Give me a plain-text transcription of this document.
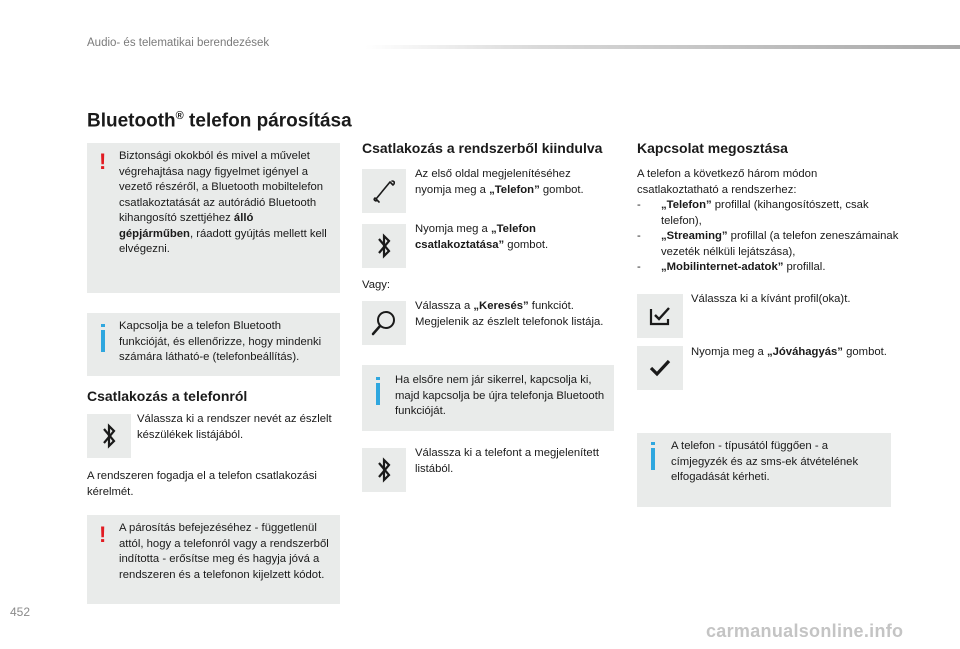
Audio- és telematikai berendezések
Bluetooth® telefon párosítása
! Biztonsági okokból és mivel a művelet végrehajtása nagy figyelmet igényel a vezető részéről, a Bluetooth mobiltelefon csatlakoztatását az autórádió Bluetooth kihangosító szettjéhez álló gépjárműben, ráadott gyújtás mellett kell elvégezni.
Kapcsolja be a telefon Bluetooth funkcióját, és ellenőrizze, hogy mindenki számára látható-e (telefonbeállítás).
Csatlakozás a telefonról
Válassza ki a rendszer nevét az észlelt készülékek listájából.
A rendszeren fogadja el a telefon csatlakozási kérelmét.
! A párosítás befejezéséhez - függetlenül attól, hogy a telefonról vagy a rendszerből indította - erősítse meg és hagyja jóvá a rendszeren és a telefonon kijelzett kódot.
Csatlakozás a rendszerből kiindulva
Az első oldal megjelenítéséhez nyomja meg a „Telefon” gombot.
Nyomja meg a „Telefon csatlakoztatása” gombot.
Vagy:
Válassza a „Keresés” funkciót. Megjelenik az észlelt telefonok listája.
Ha elsőre nem jár sikerrel, kapcsolja ki, majd kapcsolja be újra telefonja Bluetooth funkcióját.
Válassza ki a telefont a megjelenített listából.
Kapcsolat megosztása
A telefon a következő három módon csatlakoztatható a rendszerhez:
- „Telefon” profillal (kihangosítószett, csak telefon),
- „Streaming” profillal (a telefon zeneszámainak vezeték nélküli lejátszása),
- „Mobilinternet-adatok” profillal.
Válassza ki a kívánt profil(oka)t.
Nyomja meg a „Jóváhagyás” gombot.
A telefon - típusától függően - a címjegyzék és az sms-ek átvételének elfogadását kérheti.
452
carmanualsonline.info
